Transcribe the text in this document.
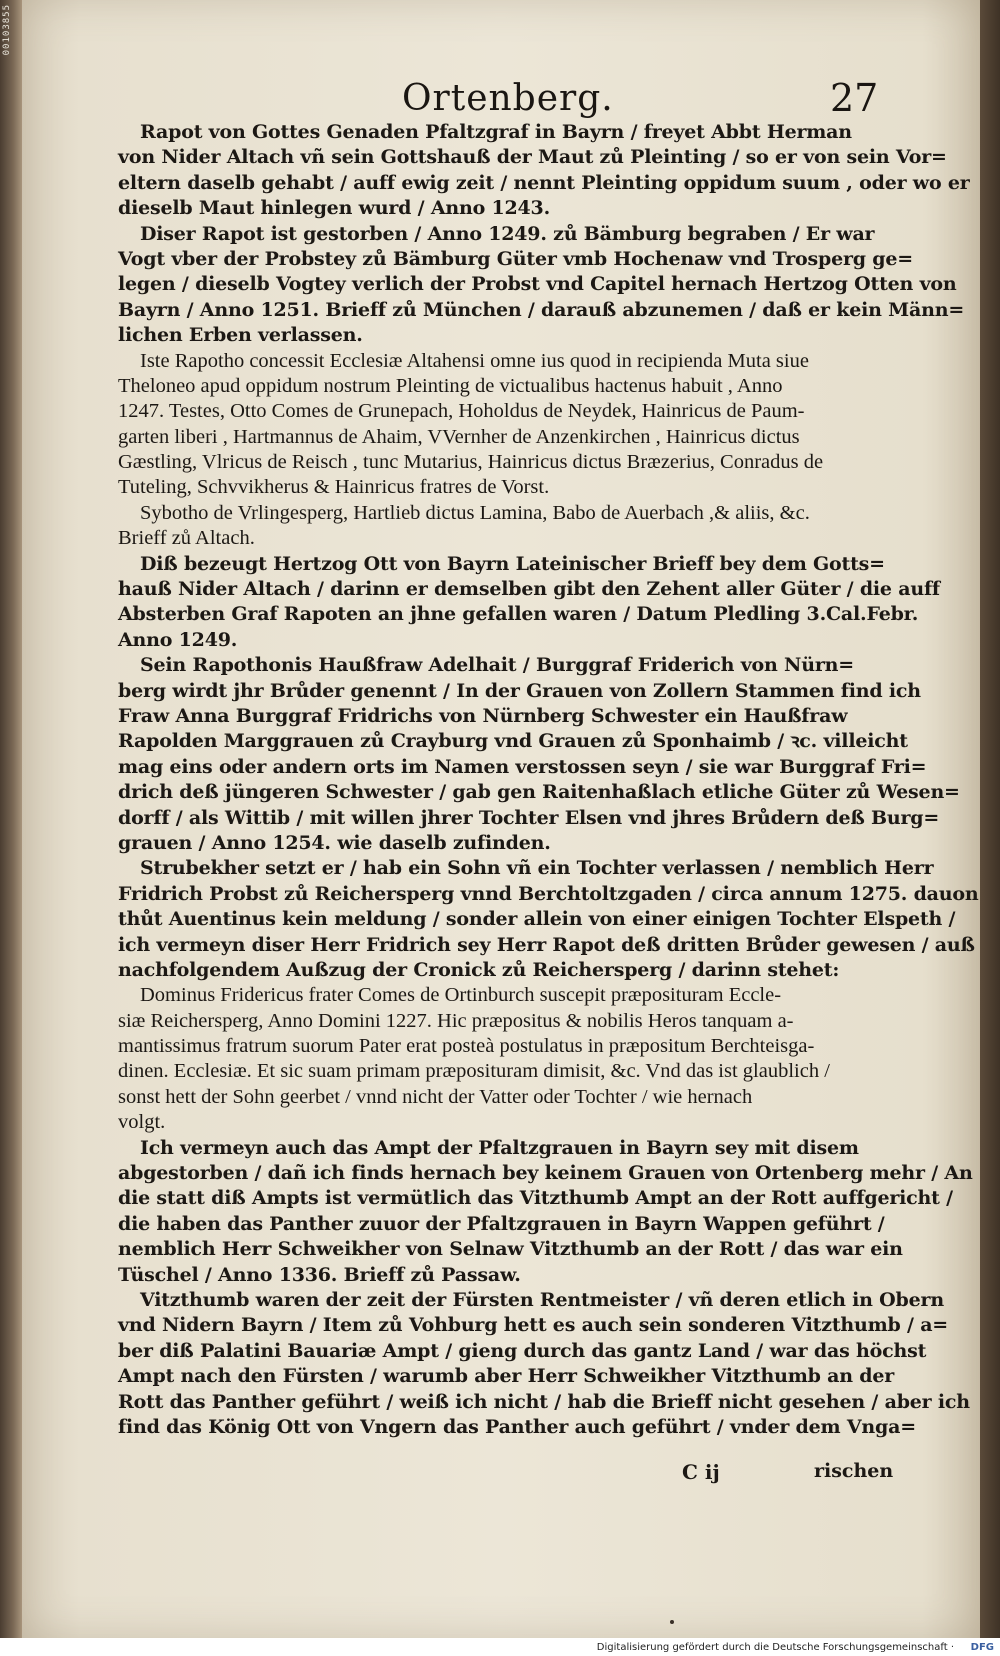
00103855
Ortenberg.	27
Rapot von Gottes Genaden Pfaltzgraf in Bayrn / freyet Abbt Herman
von Nider Altach vñ sein Gottshauß der Maut zů Pleinting / so er von sein Vor=
eltern daselb gehabt / auff ewig zeit / nennt Pleinting oppidum suum , oder wo er
dieselb Maut hinlegen wurd / Anno 1243.
Diser Rapot ist gestorben / Anno 1249. zů Bämburg begraben / Er war
Vogt vber der Probstey zů Bämburg Güter vmb Hochenaw vnd Trosperg ge=
legen / dieselb Vogtey verlich der Probst vnd Capitel hernach Hertzog Otten von
Bayrn / Anno 1251. Brieff zů München / darauß abzunemen / daß er kein Männ=
lichen Erben verlassen.
Iste Rapotho concessit Ecclesiæ Altahensi omne ius quod in recipienda Muta siue
Theloneo apud oppidum nostrum Pleinting de victualibus hactenus habuit , Anno
1247. Testes, Otto Comes de Grunepach, Hoholdus de Neydek, Hainricus de Paum-
garten liberi , Hartmannus de Ahaim, VVernher de Anzenkirchen , Hainricus dictus
Gæstling, Vlricus de Reisch , tunc Mutarius, Hainricus dictus Bræzerius, Conradus de
Tuteling, Schvvikherus & Hainricus fratres de Vorst.
Sybotho de Vrlingesperg, Hartlieb dictus Lamina, Babo de Auerbach ,& aliis, &c.
Brieff zů Altach.
Diß bezeugt Hertzog Ott von Bayrn Lateinischer Brieff bey dem Gotts=
hauß Nider Altach / darinn er demselben gibt den Zehent aller Güter / die auff
Absterben Graf Rapoten an jhne gefallen waren / Datum Pledling 3.Cal.Febr.
Anno 1249.
Sein Rapothonis Haußfraw Adelhait / Burggraf Friderich von Nürn=
berg wirdt jhr Brůder genennt / In der Grauen von Zollern Stammen find ich
Fraw Anna Burggraf Fridrichs von Nürnberg Schwester ein Haußfraw
Rapolden Marggrauen zů Crayburg vnd Grauen zů Sponhaimb / ꝛc. villeicht
mag eins oder andern orts im Namen verstossen seyn / sie war Burggraf Fri=
drich deß jüngeren Schwester / gab gen Raitenhaßlach etliche Güter zů Wesen=
dorff / als Wittib / mit willen jhrer Tochter Elsen vnd jhres Brůdern deß Burg=
grauen / Anno 1254. wie daselb zufinden.
Strubekher setzt er / hab ein Sohn vñ ein Tochter verlassen / nemblich Herr
Fridrich Probst zů Reichersperg vnnd Berchtoltzgaden / circa annum 1275. dauon
thůt Auentinus kein meldung / sonder allein von einer einigen Tochter Elspeth /
ich vermeyn diser Herr Fridrich sey Herr Rapot deß dritten Brůder gewesen / auß
nachfolgendem Außzug der Cronick zů Reichersperg / darinn stehet:
Dominus Fridericus frater Comes de Ortinburch suscepit præposituram Eccle-
siæ Reichersperg, Anno Domini 1227. Hic præpositus & nobilis Heros tanquam a-
mantissimus fratrum suorum Pater erat posteà postulatus in præpositum Berchteisga-
dinen. Ecclesiæ. Et sic suam primam præposituram dimisit, &c. Vnd das ist glaublich /
sonst hett der Sohn geerbet / vnnd nicht der Vatter oder Tochter / wie hernach
volgt.
Ich vermeyn auch das Ampt der Pfaltzgrauen in Bayrn sey mit disem
abgestorben / dañ ich finds hernach bey keinem Grauen von Ortenberg mehr / An
die statt diß Ampts ist vermütlich das Vitzthumb Ampt an der Rott auffgericht /
die haben das Panther zuuor der Pfaltzgrauen in Bayrn Wappen geführt /
nemblich Herr Schweikher von Selnaw Vitzthumb an der Rott / das war ein
Tüschel / Anno 1336. Brieff zů Passaw.
Vitzthumb waren der zeit der Fürsten Rentmeister / vñ deren etlich in Obern
vnd Nidern Bayrn / Item zů Vohburg hett es auch sein sonderen Vitzthumb / a=
ber diß Palatini Bauariæ Ampt / gieng durch das gantz Land / war das höchst
Ampt nach den Fürsten / warumb aber Herr Schweikher Vitzthumb an der
Rott das Panther geführt / weiß ich nicht / hab die Brieff nicht gesehen / aber ich
find das König Ott von Vngern das Panther auch geführt / vnder dem Vnga=
C ij	rischen
Digitalisierung gefördert durch die Deutsche Forschungsgemeinschaft · DFG
